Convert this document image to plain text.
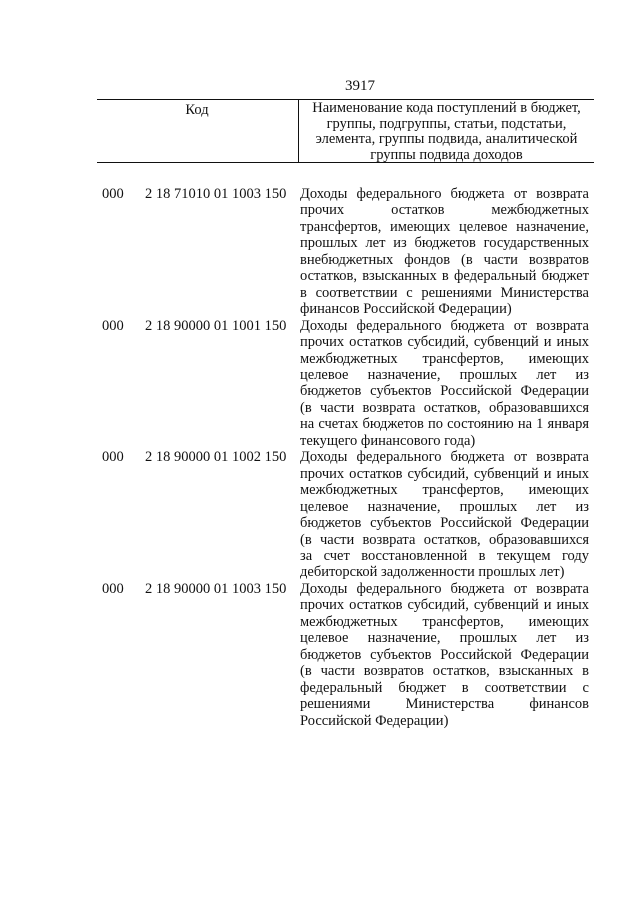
3917
Код	Наименование кода поступлений в бюджет,
группы, подгруппы, статьи, подстатьи,
элемента, группы подвида, аналитической
группы подвида доходов
000 2 18 71010 01 1003 150 Доходы федерального бюджета от возврата
прочих остатков межбюджетных
трансфертов, имеющих целевое назначение,
прошлых лет из бюджетов государственных
внебюджетных фондов (в части возвратов
остатков, взысканных в федеральный бюджет
в соответствии с решениями Министерства
финансов Российской Федерации)
000 2 18 90000 01 1001 150 Доходы федерального бюджета от возврата
прочих остатков субсидий, субвенций и иных
межбюджетных трансфертов, имеющих
целевое назначение, прошлых лет из
бюджетов субъектов Российской Федерации
(в части возврата остатков, образовавшихся
на счетах бюджетов по состоянию на 1 января
текущего финансового года)
000 2 18 90000 01 1002 150 Доходы федерального бюджета от возврата
прочих остатков субсидий, субвенций и иных
межбюджетных трансфертов, имеющих
целевое назначение, прошлых лет из
бюджетов субъектов Российской Федерации
(в части возврата остатков, образовавшихся
за счет восстановленной в текущем году
дебиторской задолженности прошлых лет)
000 2 18 90000 01 1003 150 Доходы федерального бюджета от возврата
прочих остатков субсидий, субвенций и иных
межбюджетных трансфертов, имеющих
целевое назначение, прошлых лет из
бюджетов субъектов Российской Федерации
(в части возвратов остатков, взысканных в
федеральный бюджет в соответствии с
решениями Министерства финансов
Российской Федерации)
